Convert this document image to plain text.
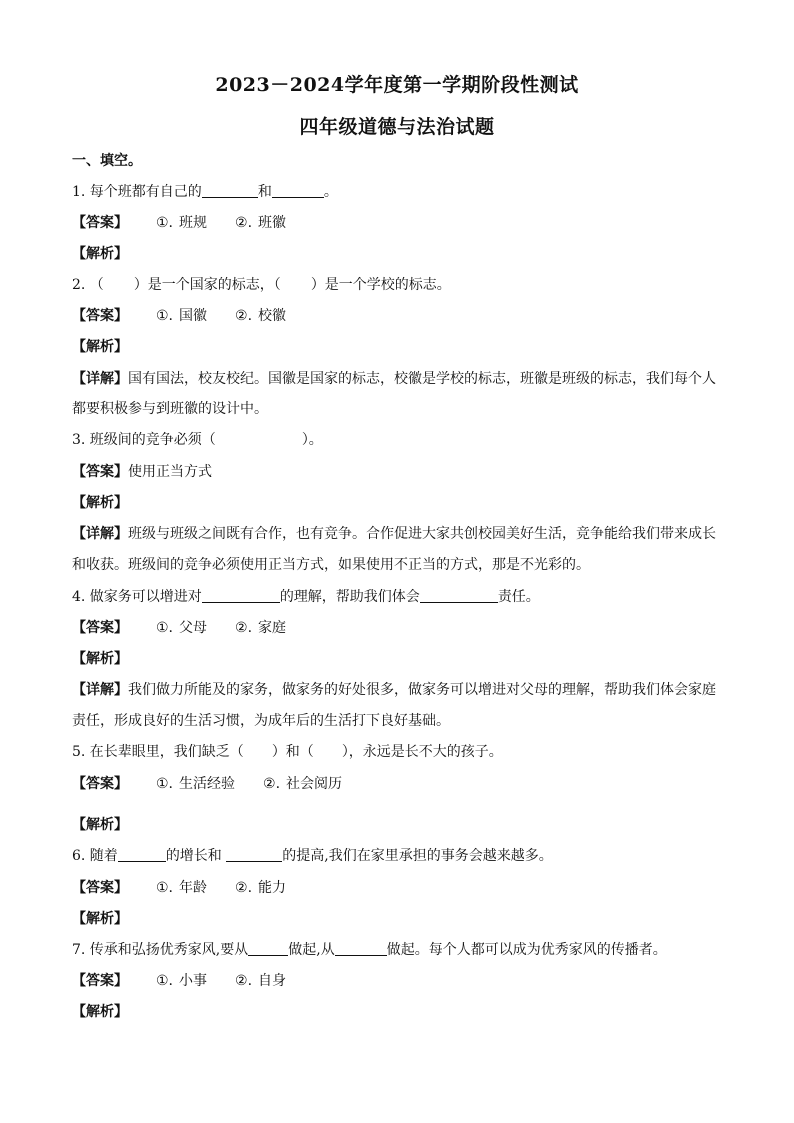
2023－2024学年度第一学期阶段性测试
四年级道德与法治试题
一、填空。
1. 每个班都有自己的	和	。
【答案】 ①. 班规 ②. 班徽
【解析】
2. （ ）是一个国家的标志，（ ）是一个学校的标志。
【答案】 ①. 国徽 ②. 校徽
【解析】
【详解】国有国法，校友校纪。国徽是国家的标志，校徽是学校的标志，班徽是班级的标志，我们每个人
都要积极参与到班徽的设计中。
3. 班级间的竞争必须（	）。
【答案】使用正当方式
【解析】
【详解】班级与班级之间既有合作，也有竞争。合作促进大家共创校园美好生活，竞争能给我们带来成长
和收获。班级间的竞争必须使用正当方式，如果使用不正当的方式，那是不光彩的。
4. 做家务可以增进对	的理解，帮助我们体会	责任。
【答案】 ①. 父母 ②. 家庭
【解析】
【详解】我们做力所能及的家务，做家务的好处很多，做家务可以增进对父母的理解，帮助我们体会家庭
责任，形成良好的生活习惯，为成年后的生活打下良好基础。
5. 在长辈眼里，我们缺乏（ ）和（ ），永远是长不大的孩子。
【答案】 ①. 生活经验 ②. 社会阅历
【解析】
6. 随着	的增长和	的提高,我们在家里承担的事务会越来越多。
【答案】 ①. 年龄 ②. 能力
【解析】
7. 传承和弘扬优秀家风,要从	做起,从	做起。每个人都可以成为优秀家风的传播者。
【答案】 ①. 小事 ②. 自身
【解析】
